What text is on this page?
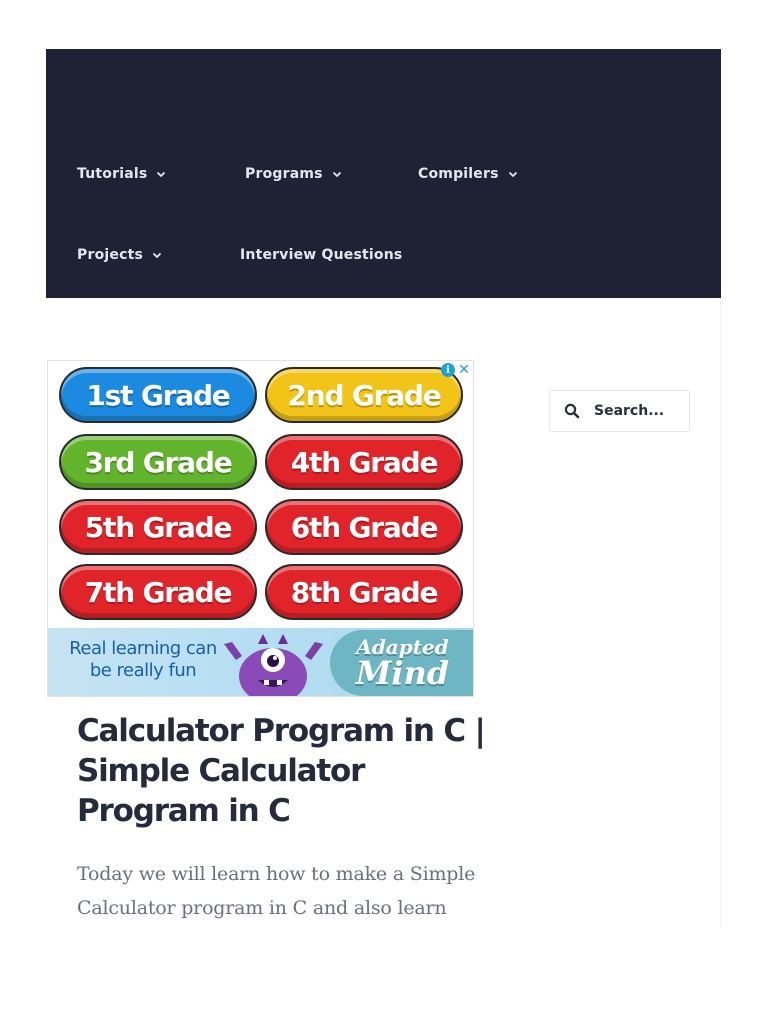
Tutorials	Programs	Compilers
Projects	Interview Questions
i ✕
1st Grade	2nd Grade
3rd Grade	4th Grade
5th Grade	6th Grade
7th Grade	8th Grade
Real learning can be really fun
Adapted
Mind
Calculator Program in C | Simple Calculator Program in C

Today we will learn how to make a Simple Calculator program in C and also learn

Search...
